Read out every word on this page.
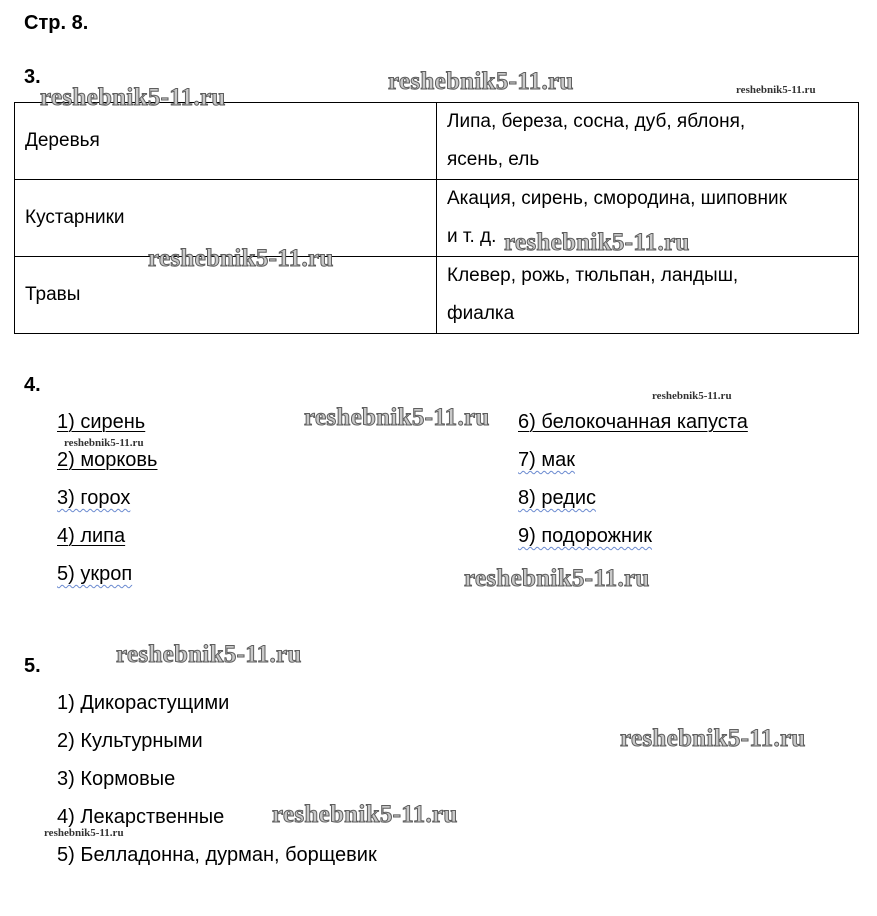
Стр. 8.
3.
Деревья	Липа, береза, сосна, дуб, яблоня,
ясень, ель

Кустарники	Акация, сирень, смородина, шиповник
и т. д.

Травы	Клевер, рожь, тюльпан, ландыш,
фиалка
4.
1) сирень
2) морковь
3) горох
4) липа
5) укроп
6) белокочанная капуста
7) мак
8) редис
9) подорожник
5.
1) Дикорастущими
2) Культурными
3) Кормовые
4) Лекарственные
5) Белладонна, дурман, борщевик
reshebnik5-11.ru	reshebnik5-11.ru
reshebnik5-11.ru
reshebnik5-11.ru
reshebnik5-11.ru
reshebnik5-11.ru
reshebnik5-11.ru
reshebnik5-11.ru
reshebnik5-11.ru
reshebnik5-11.ru
reshebnik5-11.ru
reshebnik5-11.ru
reshebnik5-11.ru
